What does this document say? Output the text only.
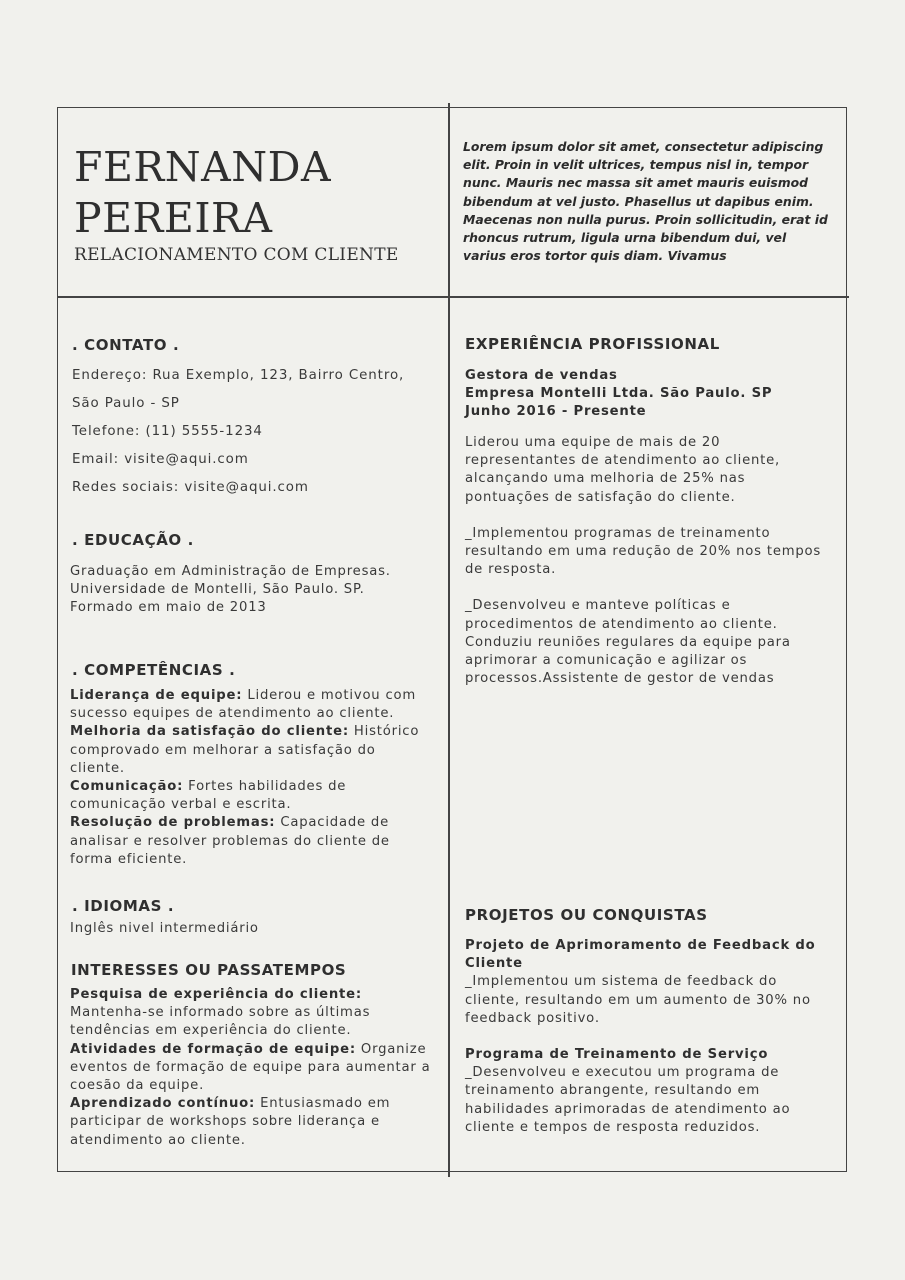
FERNANDA
PEREIRA

RELACIONAMENTO COM CLIENTE

Lorem ipsum dolor sit amet, consectetur adipiscing elit. Proin in velit ultrices, tempus nisl in, tempor nunc. Mauris nec massa sit amet mauris euismod bibendum at vel justo. Phasellus ut dapibus enim. Maecenas non nulla purus. Proin sollicitudin, erat id rhoncus rutrum, ligula urna bibendum dui, vel varius eros tortor quis diam. Vivamus

. CONTATO .
Endereço: Rua Exemplo, 123, Bairro Centro,
São Paulo - SP
Telefone: (11) 5555-1234
Email: visite@aqui.com
Redes sociais: visite@aqui.com
. EDUCAÇÃO .

Graduação em Administração de Empresas. Universidade de Montelli, São Paulo. SP. Formado em maio de 2013

. COMPETÊNCIAS .
Liderança de equipe: Liderou e motivou com sucesso equipes de atendimento ao cliente.
Melhoria da satisfação do cliente: Histórico comprovado em melhorar a satisfação do cliente.
Comunicação: Fortes habilidades de comunicação verbal e escrita.
Resolução de problemas: Capacidade de analisar e resolver problemas do cliente de forma eficiente.
. IDIOMAS .

Inglês nivel intermediário

INTERESSES OU PASSATEMPOS
Pesquisa de experiência do cliente: Mantenha-se informado sobre as últimas tendências em experiência do cliente.
Atividades de formação de equipe: Organize eventos de formação de equipe para aumentar a coesão da equipe.
Aprendizado contínuo: Entusiasmado em participar de workshops sobre liderança e atendimento ao cliente.
EXPERIÊNCIA PROFISSIONAL
Gestora de vendas
Empresa Montelli Ltda. São Paulo. SP
Junho 2016 - Presente

Liderou uma equipe de mais de 20 representantes de atendimento ao cliente, alcançando uma melhoria de 25% nas pontuações de satisfação do cliente.

_Implementou programas de treinamento resultando em uma redução de 20% nos tempos de resposta.

_Desenvolveu e manteve políticas e procedimentos de atendimento ao cliente. Conduziu reuniões regulares da equipe para aprimorar a comunicação e agilizar os processos.Assistente de gestor de vendas

PROJETOS OU CONQUISTAS
Projeto de Aprimoramento de Feedback do Cliente
_Implementou um sistema de feedback do cliente, resultando em um aumento de 30% no feedback positivo.
Programa de Treinamento de Serviço
_Desenvolveu e executou um programa de treinamento abrangente, resultando em habilidades aprimoradas de atendimento ao cliente e tempos de resposta reduzidos.
